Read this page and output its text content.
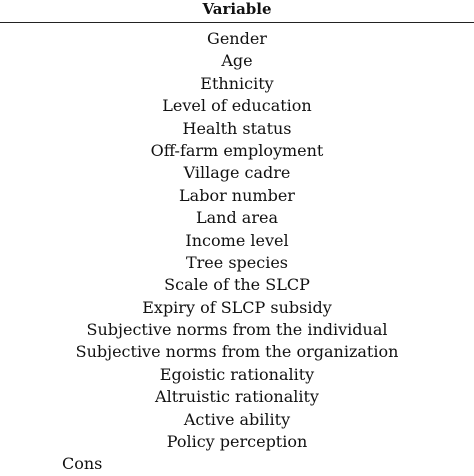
Variable
Gender
Age
Ethnicity
Level of education
Health status
Off-farm employment
Village cadre
Labor number
Land area
Income level
Tree species
Scale of the SLCP
Expiry of SLCP subsidy
Subjective norms from the individual
Subjective norms from the organization
Egoistic rationality
Altruistic rationality
Active ability
Policy perception
Cons
